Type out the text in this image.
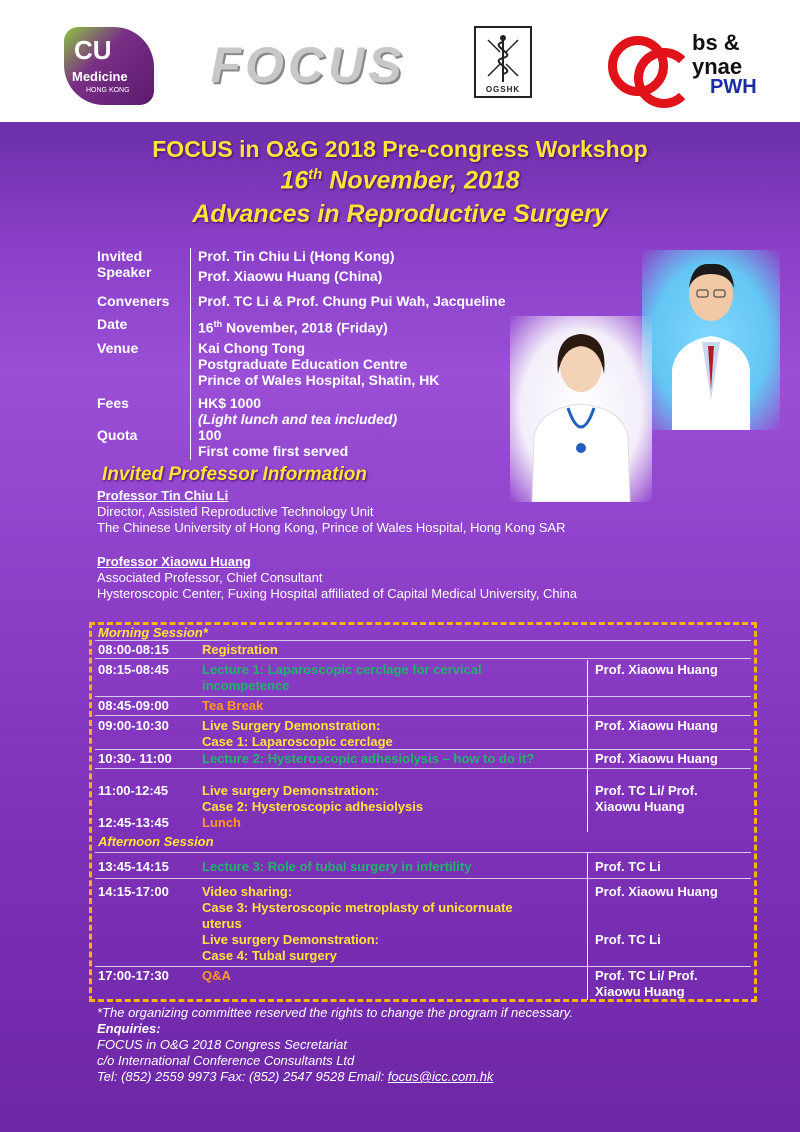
CU
Medicine
HONG KONG FOCUS	OGSHK
bs &
ynae
PWH
FOCUS in O&G 2018 Pre-congress Workshop
16th November, 2018
Advances in Reproductive Surgery
Invited
Speaker
Prof. Tin Chiu Li (Hong Kong)
Prof. Xiaowu Huang (China)
Conveners Prof. TC Li & Prof. Chung Pui Wah, Jacqueline
Date	16th November, 2018 (Friday)
Venue	Kai Chong Tong
Postgraduate Education Centre
Prince of Wales Hospital, Shatin, HK
Fees	HK$ 1000
(Light lunch and tea included)
Quota	100
First come first served
Invited Professor Information
Professor Tin Chiu Li
Director, Assisted Reproductive Technology Unit
The Chinese University of Hong Kong, Prince of Wales Hospital, Hong Kong SAR
Professor Xiaowu Huang
Associated Professor, Chief Consultant
Hysteroscopic Center, Fuxing Hospital affiliated of Capital Medical University, China
Morning Session*
08:00-08:15	Registration
08:15-08:45	Lecture 1: Laparoscopic cerclage for cervical
incompetence
Prof. Xiaowu Huang
08:45-09:00	Tea Break
09:00-10:30	Live Surgery Demonstration:
Case 1: Laparoscopic cerclage
Prof. Xiaowu Huang
10:30- 11:00 Lecture 2: Hysteroscopic adhesiolysis – how to do it?	Prof. Xiaowu Huang
11:00-12:45	Live surgery Demonstration:
Case 2: Hysteroscopic adhesiolysis
Prof. TC Li/ Prof.
Xiaowu Huang
12:45-13:45	Lunch
Afternoon Session
13:45-14:15	Lecture 3: Role of tubal surgery in infertility	Prof. TC Li
14:15-17:00	Video sharing:
Case 3: Hysteroscopic metroplasty of unicornuate
uterus
Live surgery Demonstration:
Case 4: Tubal surgery
Prof. Xiaowu Huang
Prof. TC Li
17:00-17:30	Q&A	Prof. TC Li/ Prof.
Xiaowu Huang
*The organizing committee reserved the rights to change the program if necessary.
Enquiries:
FOCUS in O&G 2018 Congress Secretariat
c/o International Conference Consultants Ltd
Tel: (852) 2559 9973 Fax: (852) 2547 9528 Email: focus@icc.com.hk
